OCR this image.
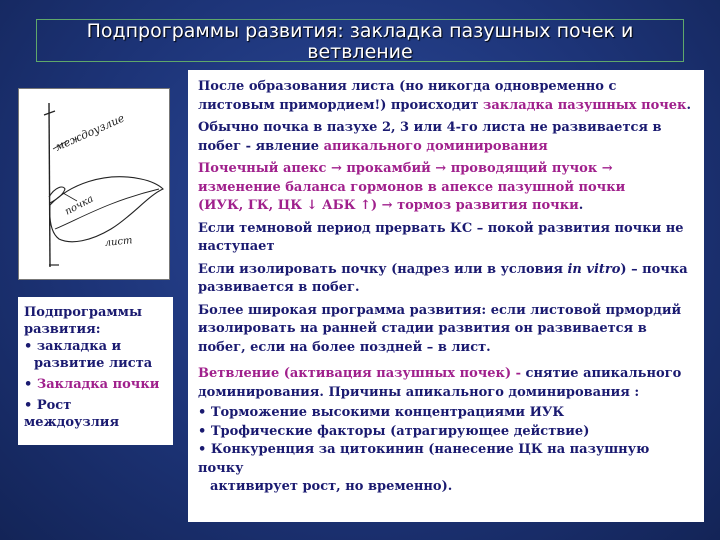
Подпрограммы развития: закладка пазушных почек и
ветвление
междоузлие
почка
лист
Подпрограммы
развития:
• закладка и
развитие листа
• Закладка почки
• Рост междоузлия
После образования листа (но никогда одновременно с листовым примордием!) происходит закладка пазушных почек.
Обычно почка в пазухе 2, 3 или 4-го листа не развивается в побег - явление апикального доминирования
Почечный апекс → прокамбий → проводящий пучок → изменение баланса гормонов в апексе пазушной почки
(ИУК, ГК, ЦК ↓ АБК ↑) → тормоз развития почки.
Если темновой период прервать КС – покой развития почки не наступает
Если изолировать почку (надрез или в условия in vitro) – почка развивается в побег.
Более широкая программа развития: если листовой прмордий изолировать на ранней стадии развития он развивается в побег, если на более поздней – в лист.
Ветвление (активация пазушных почек) - снятие апикального доминирования. Причины апикального доминирования :
• Торможение высокими концентрациями ИУК
• Трофические факторы (атрагирующее действие)
• Конкуренция за цитокинин (нанесение ЦК на пазушную почку
активирует рост, но временно).
